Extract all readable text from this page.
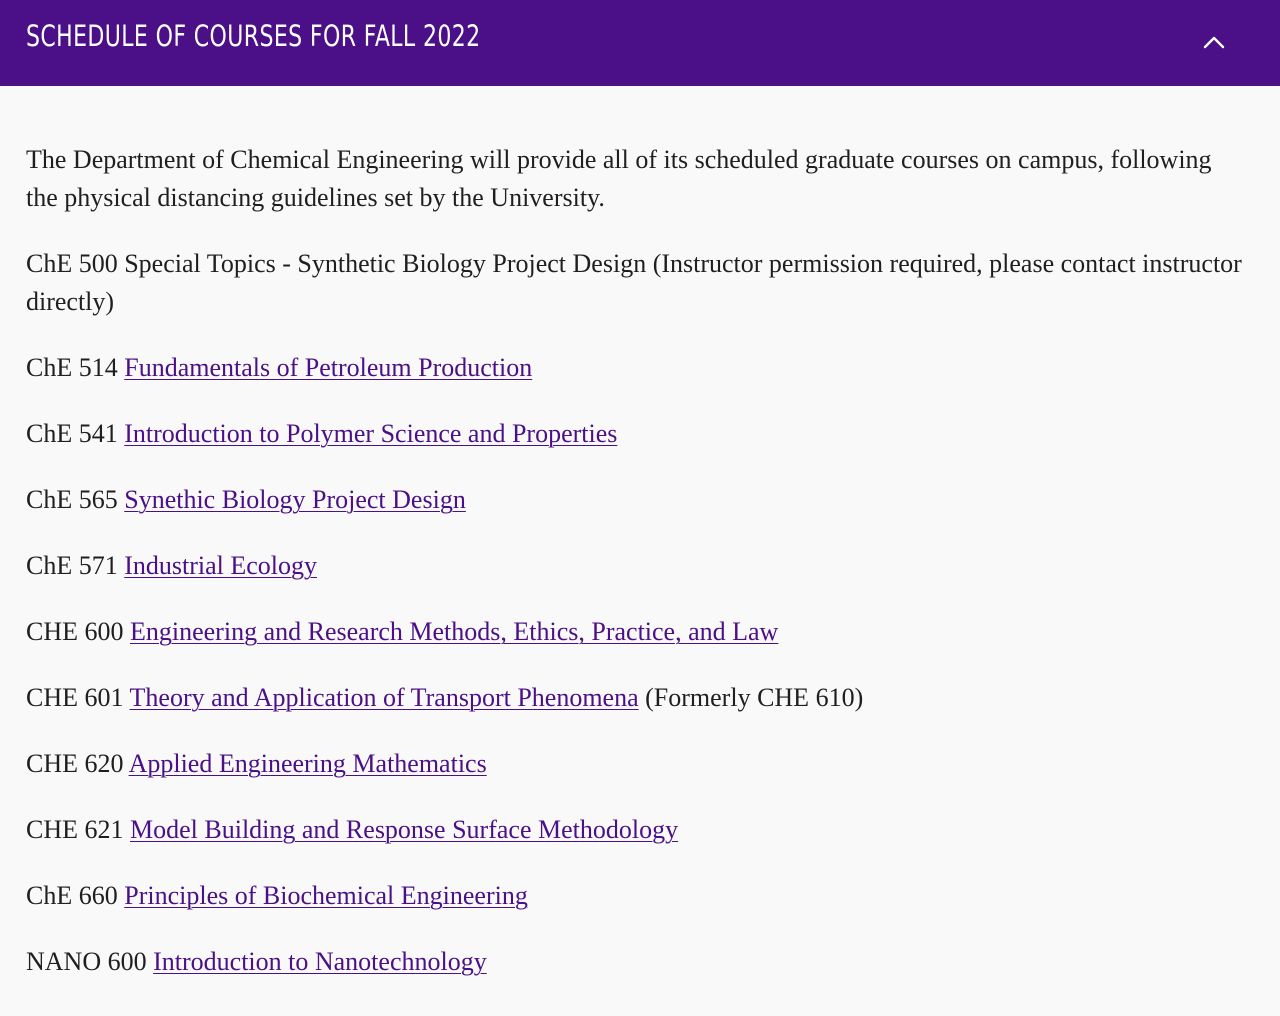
SCHEDULE OF COURSES FOR FALL 2022

The Department of Chemical Engineering will provide all of its scheduled graduate courses on campus, following the physical distancing guidelines set by the University.

ChE 500 Special Topics - Synthetic Biology Project Design (Instructor permission required, please contact instructor directly)

ChE 514 Fundamentals of Petroleum Production

ChE 541 Introduction to Polymer Science and Properties

ChE 565 Synethic Biology Project Design

ChE 571 Industrial Ecology

CHE 600 Engineering and Research Methods, Ethics, Practice, and Law

CHE 601 Theory and Application of Transport Phenomena (Formerly CHE 610)

CHE 620 Applied Engineering Mathematics

CHE 621 Model Building and Response Surface Methodology

ChE 660 Principles of Biochemical Engineering

NANO 600 Introduction to Nanotechnology
